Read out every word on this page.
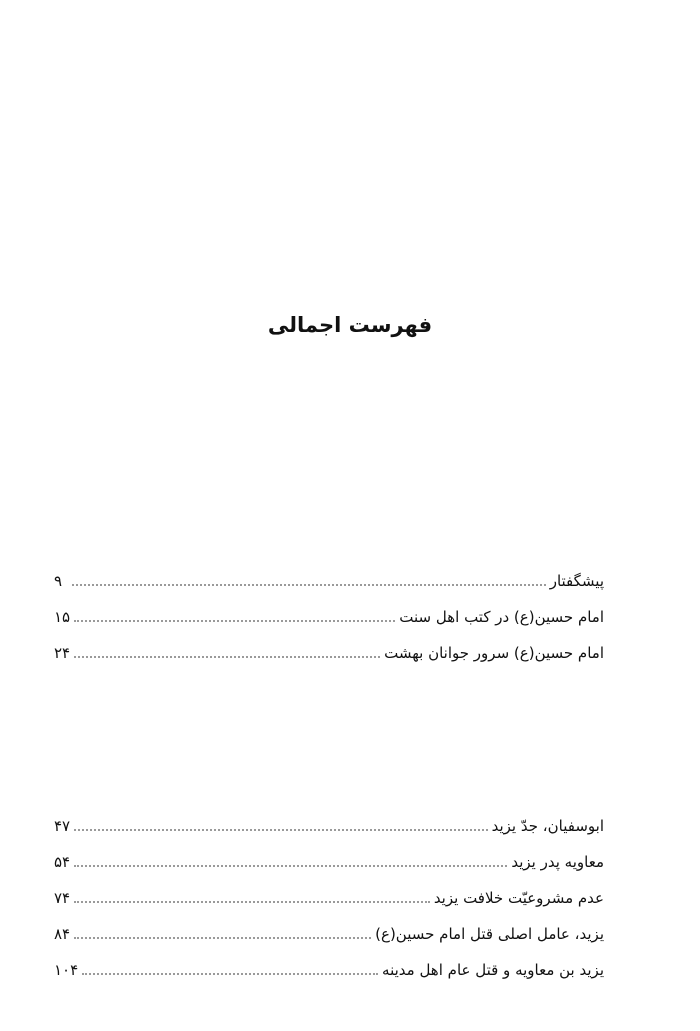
فهرست اجمالی
پیشگفتار
۹
امام حسین(ع) در کتب اهل سنت
۱۵
امام حسین(ع) سرور جوانان بهشت
۲۴
ابوسفیان، جدّ یزید
۴۷
معاویه پدر یزید
۵۴
عدم مشروعیّت خلافت یزید
۷۴
یزید، عامل اصلی قتل امام حسین(ع)
۸۴
یزید بن معاویه و قتل عام اهل مدینه
۱۰۴
